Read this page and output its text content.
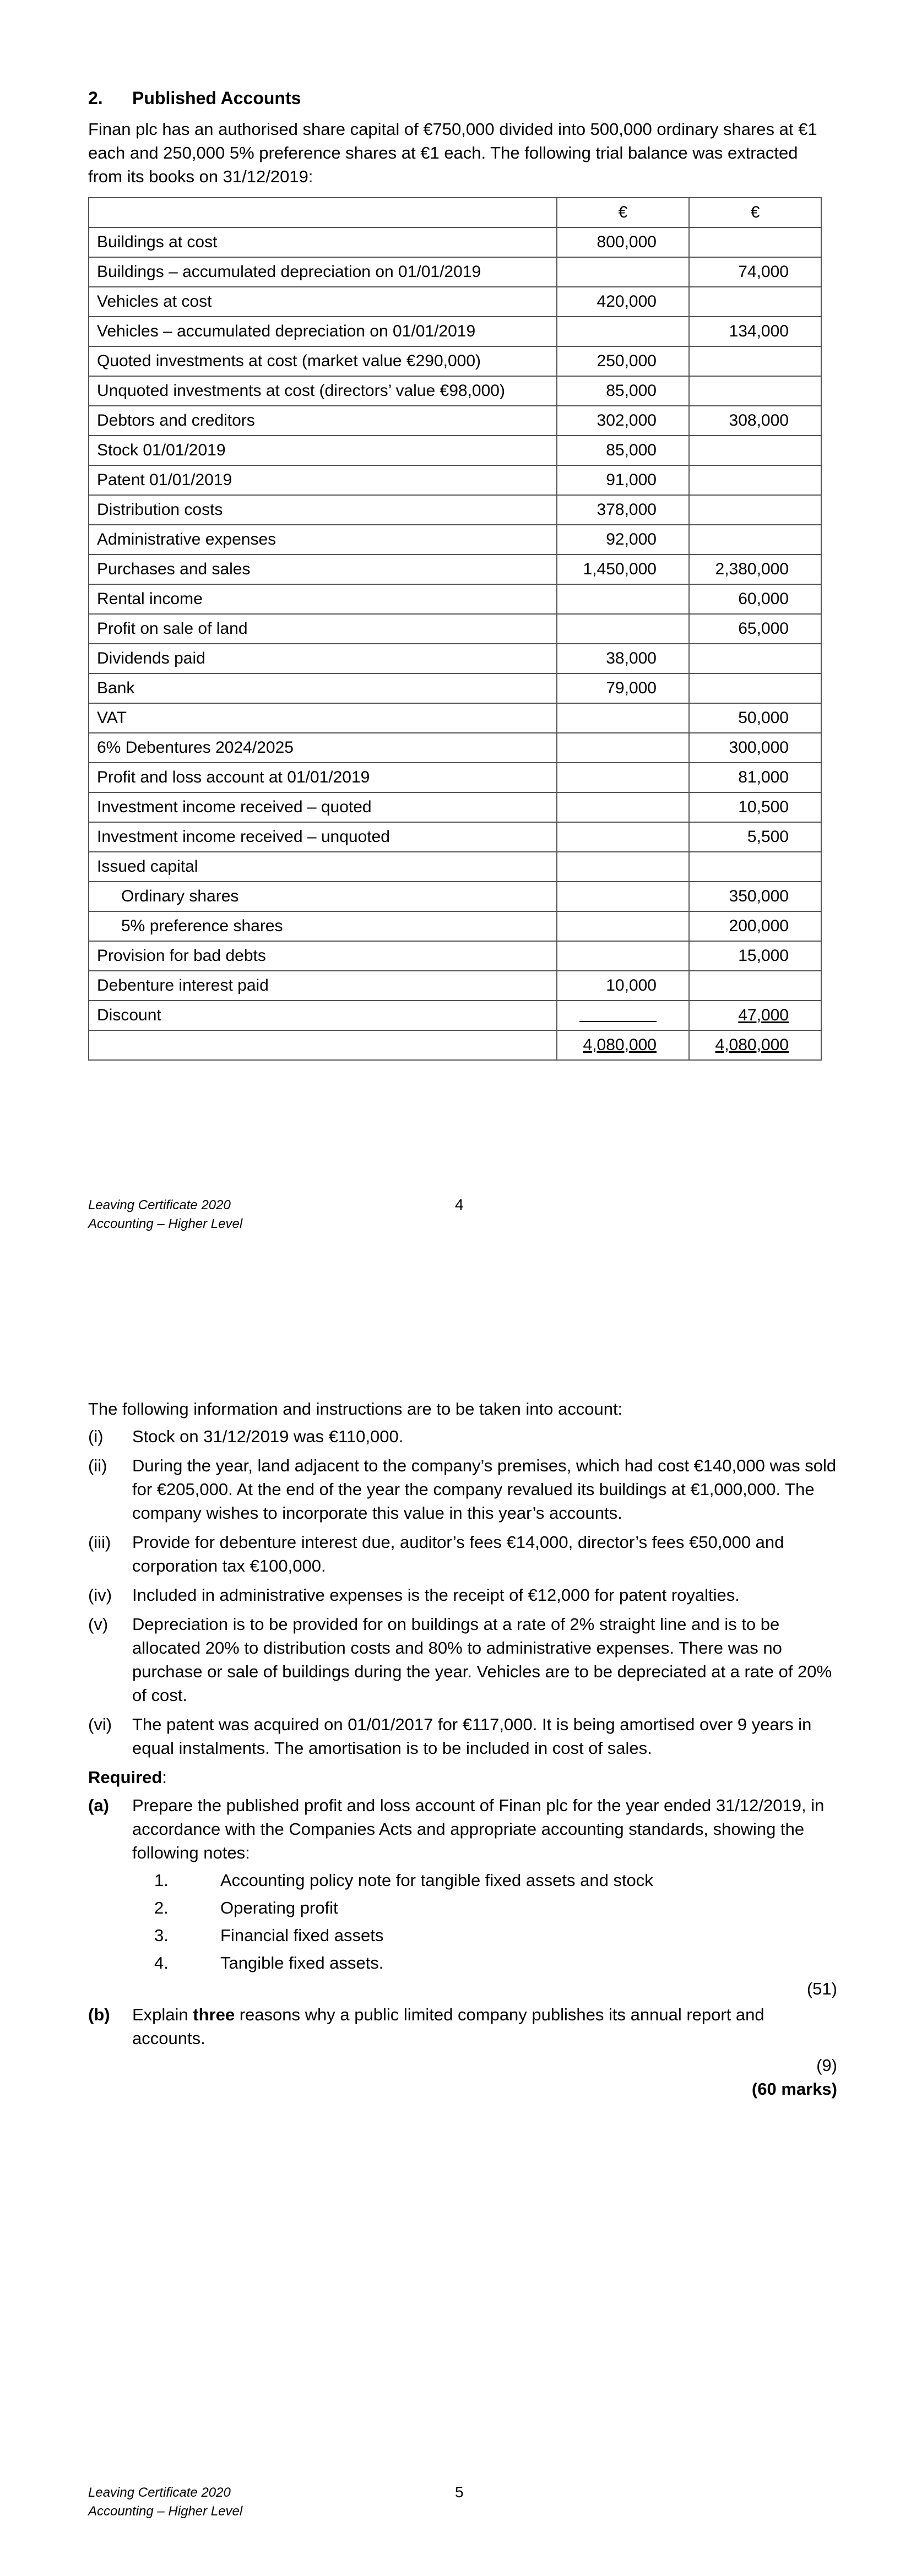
2. Published Accounts
Finan plc has an authorised share capital of €750,000 divided into 500,000 ordinary shares at €1 each and 250,000 5% preference shares at €1 each. The following trial balance was extracted from its books on 31/12/2019:
	€	€
Buildings at cost	800,000	
Buildings – accumulated depreciation on 01/01/2019		74,000
Vehicles at cost	420,000	
Vehicles – accumulated depreciation on 01/01/2019		134,000
Quoted investments at cost (market value €290,000)	250,000	
Unquoted investments at cost (directors’ value €98,000)	85,000	
Debtors and creditors	302,000	308,000
Stock 01/01/2019	85,000	
Patent 01/01/2019	91,000	
Distribution costs	378,000	
Administrative expenses	92,000	
Purchases and sales	1,450,000	2,380,000
Rental income		60,000
Profit on sale of land		65,000
Dividends paid	38,000	
Bank	79,000	
VAT		50,000
6% Debentures 2024/2025		300,000
Profit and loss account at 01/01/2019		81,000
Investment income received – quoted		10,500
Investment income received – unquoted		5,500
Issued capital		
Ordinary shares		350,000
5% preference shares		200,000
Provision for bad debts		15,000
Debenture interest paid	10,000	
Discount		47,000
	4,080,000	4,080,000
Leaving Certificate 2020
Accounting – Higher Level
4
The following information and instructions are to be taken into account:
(i)	Stock on 31/12/2019 was €110,000.
(ii)	During the year, land adjacent to the company’s premises, which had cost €140,000 was sold for €205,000. At the end of the year the company revalued its buildings at €1,000,000. The company wishes to incorporate this value in this year’s accounts.
(iii)	Provide for debenture interest due, auditor’s fees €14,000, director’s fees €50,000 and corporation tax €100,000.
(iv)	Included in administrative expenses is the receipt of €12,000 for patent royalties.
(v)	Depreciation is to be provided for on buildings at a rate of 2% straight line and is to be allocated 20% to distribution costs and 80% to administrative expenses. There was no purchase or sale of buildings during the year. Vehicles are to be depreciated at a rate of 20% of cost.
(vi)	The patent was acquired on 01/01/2017 for €117,000. It is being amortised over 9 years in equal instalments. The amortisation is to be included in cost of sales.
Required:
(a)	Prepare the published profit and loss account of Finan plc for the year ended 31/12/2019, in accordance with the Companies Acts and appropriate accounting standards, showing the following notes:
1.	Accounting policy note for tangible fixed assets and stock
2.	Operating profit
3.	Financial fixed assets
4.	Tangible fixed assets.
(51)
(b)	Explain three reasons why a public limited company publishes its annual report and accounts.
(9)
(60 marks)
Leaving Certificate 2020
Accounting – Higher Level
5
